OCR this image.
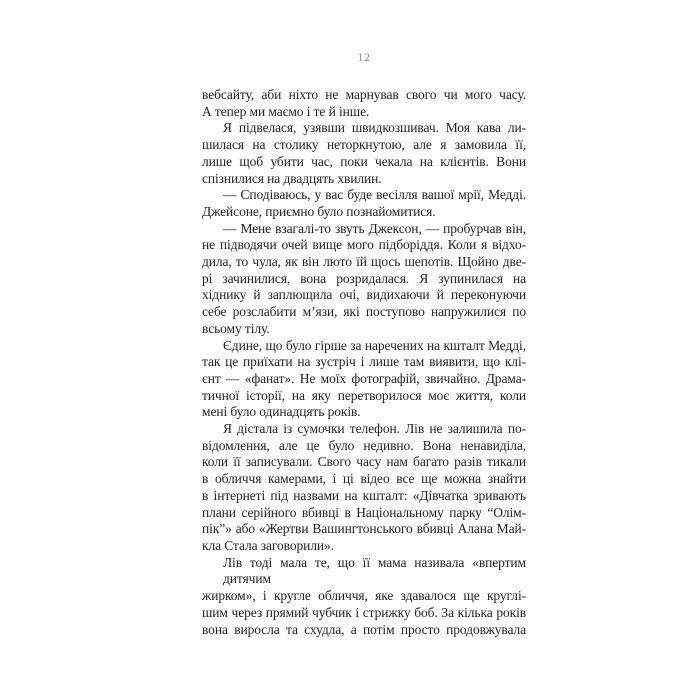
12
вебсайту, аби ніхто не марнував свого чи мого часу.
А тепер ми маємо і те й інше.
Я підвелася, узявши швидкозшивач. Моя кава ли-
шилася на столику неторкнутою, але я замовила її,
лише щоб убити час, поки чекала на клієнтів. Вони
спізнилися на двадцять хвилин.
— Сподіваюсь, у вас буде весілля вашої мрії, Медді.
Джейсоне, приємно було познайомитися.
— Мене взагалі-то звуть Джексон, — пробурчав він,
не підводячи очей вище мого підборіддя. Коли я відхо-
дила, то чула, як він люто їй щось шепотів. Щойно две-
рі зачинилися, вона розридалася. Я зупинилася на
хіднику й заплющила очі, видихаючи й переконуючи
себе розслабити м’язи, які поступово напружилися по
всьому тілу.
Єдине, що було гірше за наречених на кшталт Медді,
так це приїхати на зустріч і лише там виявити, що клі-
єнт — «фанат». Не моїх фотографій, звичайно. Драма-
тичної історії, на яку перетворилося моє життя, коли
мені було одинадцять років.
Я дістала із сумочки телефон. Лів не залишила по-
відомлення, але це було недивно. Вона ненавиділа,
коли її записували. Свого часу нам багато разів тикали
в обличчя камерами, і ці відео все ще можна знайти
в інтернеті під назвами на кшталт: «Дівчатка зривають
плани серійного вбивці в Національному парку “Олім-
пік”» або «Жертви Вашингтонського вбивці Алана Май-
кла Стала заговорили».
Лів тоді мала те, що її мама називала «впертим дитячим
жирком», і кругле обличчя, яке здавалося ще круглі-
шим через прямий чубчик і стрижку боб. За кілька років
вона виросла та схудла, а потім просто продовжувала
